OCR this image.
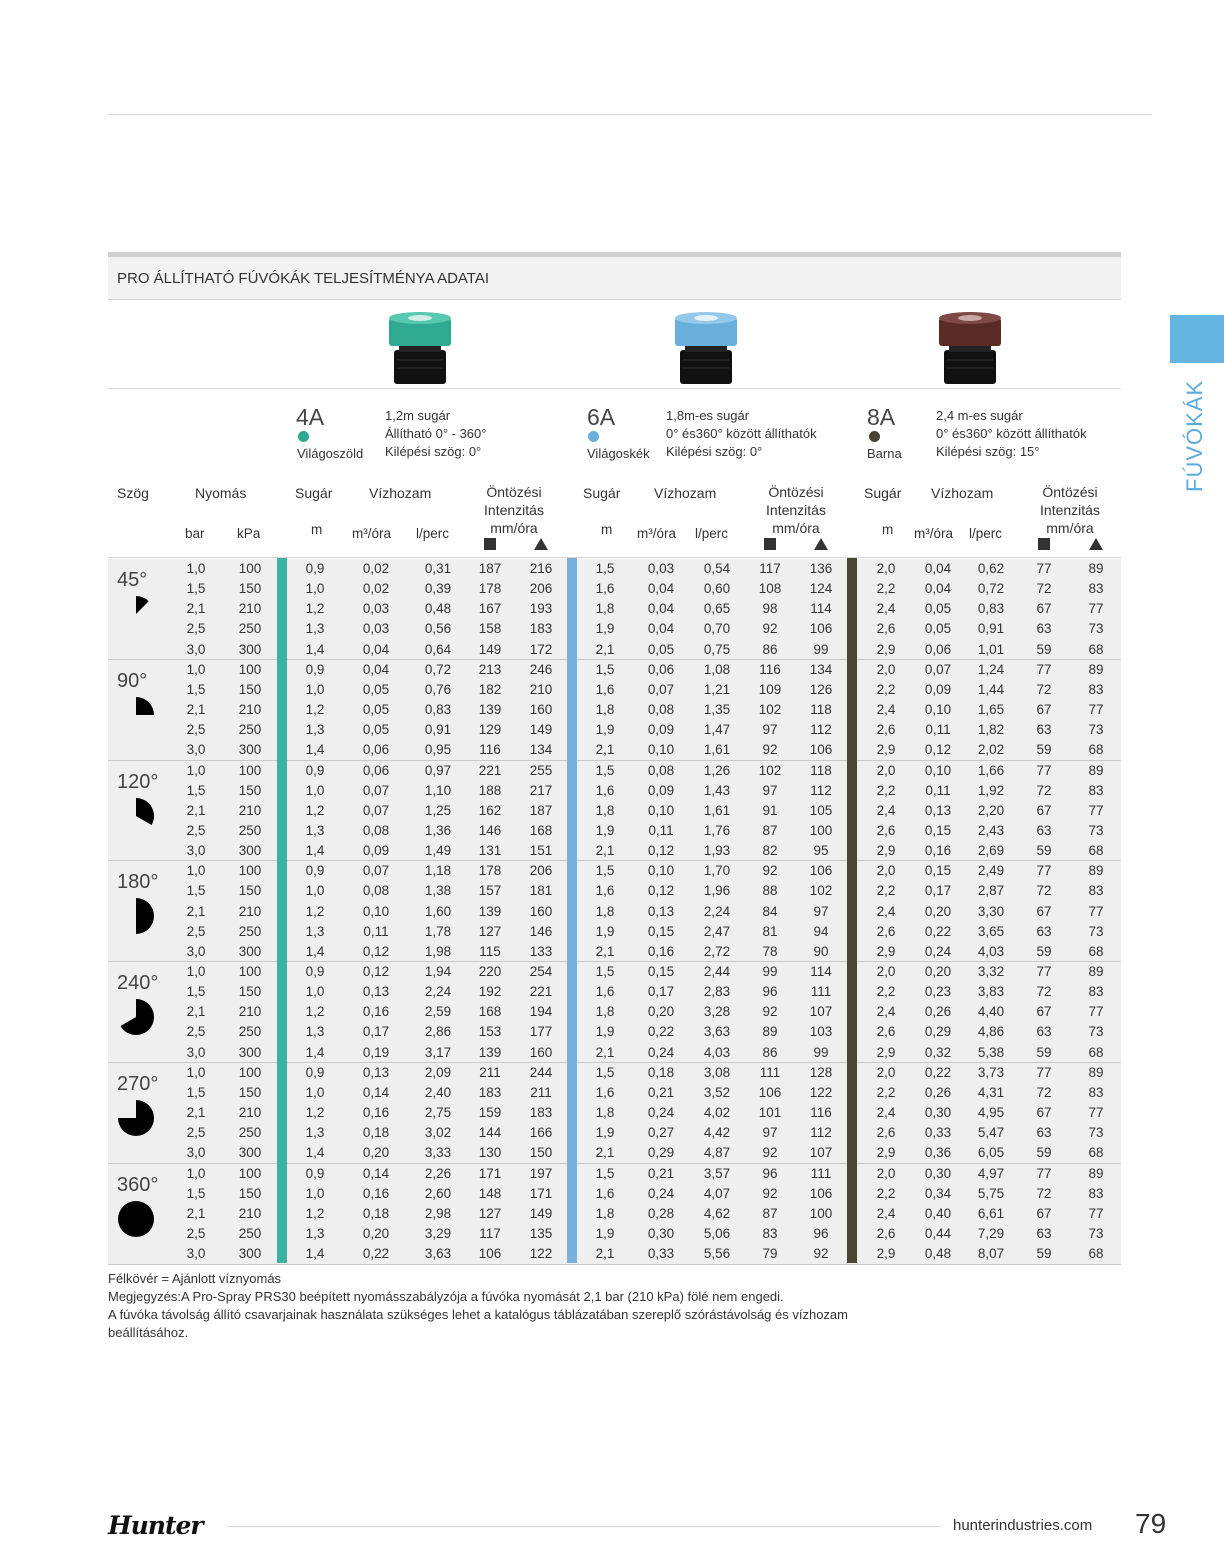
FÚVÓKÁK
PRO ÁLLÍTHATÓ FÚVÓKÁK TELJESÍTMÉNYA ADATAI
4A
Világoszöld
1,2m sugár
Állítható 0° - 360°
Kilépési szög: 0°
6A
Világoskék
1,8m-es sugár
0° és360° között állíthatók
Kilépési szög: 0°
8A
Barna
2,4 m-es sugár
0° és360° között állíthatók
Kilépési szög: 15°
Szög	Nyomás
bar kPa
Sugár	Vízhozam	Öntözési
Intenzitás
mm/óra
m m³/óra l/perc
Sugár Vízhozam	Öntözési
Intenzitás
mm/óra
m m³/óra l/perc
Sugár Vízhozam	Öntözési
Intenzitás
mm/óra
m m³/óra l/perc
45°
1,0	100	0,9	0,02	0,31	187	216	1,5	0,03	0,54	117	136	2,0	0,04	0,62	77	89
1,5	150	1,0	0,02	0,39	178	206	1,6	0,04	0,60	108	124	2,2	0,04	0,72	72	83
2,1	210	1,2	0,03	0,48	167	193	1,8	0,04	0,65	98	114	2,4	0,05	0,83	67	77
2,5	250	1,3	0,03	0,56	158	183	1,9	0,04	0,70	92	106	2,6	0,05	0,91	63	73
3,0	300	1,4	0,04	0,64	149	172	2,1	0,05	0,75	86	99	2,9	0,06	1,01	59	68
90°
1,0	100	0,9	0,04	0,72	213	246	1,5	0,06	1,08	116	134	2,0	0,07	1,24	77	89
1,5	150	1,0	0,05	0,76	182	210	1,6	0,07	1,21	109	126	2,2	0,09	1,44	72	83
2,1	210	1,2	0,05	0,83	139	160	1,8	0,08	1,35	102	118	2,4	0,10	1,65	67	77
2,5	250	1,3	0,05	0,91	129	149	1,9	0,09	1,47	97	112	2,6	0,11	1,82	63	73
3,0	300	1,4	0,06	0,95	116	134	2,1	0,10	1,61	92	106	2,9	0,12	2,02	59	68
120°
1,0	100	0,9	0,06	0,97	221	255	1,5	0,08	1,26	102	118	2,0	0,10	1,66	77	89
1,5	150	1,0	0,07	1,10	188	217	1,6	0,09	1,43	97	112	2,2	0,11	1,92	72	83
2,1	210	1,2	0,07	1,25	162	187	1,8	0,10	1,61	91	105	2,4	0,13	2,20	67	77
2,5	250	1,3	0,08	1,36	146	168	1,9	0,11	1,76	87	100	2,6	0,15	2,43	63	73
3,0	300	1,4	0,09	1,49	131	151	2,1	0,12	1,93	82	95	2,9	0,16	2,69	59	68
180°
1,0	100	0,9	0,07	1,18	178	206	1,5	0,10	1,70	92	106	2,0	0,15	2,49	77	89
1,5	150	1,0	0,08	1,38	157	181	1,6	0,12	1,96	88	102	2,2	0,17	2,87	72	83
2,1	210	1,2	0,10	1,60	139	160	1,8	0,13	2,24	84	97	2,4	0,20	3,30	67	77
2,5	250	1,3	0,11	1,78	127	146	1,9	0,15	2,47	81	94	2,6	0,22	3,65	63	73
3,0	300	1,4	0,12	1,98	115	133	2,1	0,16	2,72	78	90	2,9	0,24	4,03	59	68
240°
1,0	100	0,9	0,12	1,94	220	254	1,5	0,15	2,44	99	114	2,0	0,20	3,32	77	89
1,5	150	1,0	0,13	2,24	192	221	1,6	0,17	2,83	96	111	2,2	0,23	3,83	72	83
2,1	210	1,2	0,16	2,59	168	194	1,8	0,20	3,28	92	107	2,4	0,26	4,40	67	77
2,5	250	1,3	0,17	2,86	153	177	1,9	0,22	3,63	89	103	2,6	0,29	4,86	63	73
3,0	300	1,4	0,19	3,17	139	160	2,1	0,24	4,03	86	99	2,9	0,32	5,38	59	68
270°
1,0	100	0,9	0,13	2,09	211	244	1,5	0,18	3,08	111	128	2,0	0,22	3,73	77	89
1,5	150	1,0	0,14	2,40	183	211	1,6	0,21	3,52	106	122	2,2	0,26	4,31	72	83
2,1	210	1,2	0,16	2,75	159	183	1,8	0,24	4,02	101	116	2,4	0,30	4,95	67	77
2,5	250	1,3	0,18	3,02	144	166	1,9	0,27	4,42	97	112	2,6	0,33	5,47	63	73
3,0	300	1,4	0,20	3,33	130	150	2,1	0,29	4,87	92	107	2,9	0,36	6,05	59	68
360°
1,0	100	0,9	0,14	2,26	171	197	1,5	0,21	3,57	96	111	2,0	0,30	4,97	77	89
1,5	150	1,0	0,16	2,60	148	171	1,6	0,24	4,07	92	106	2,2	0,34	5,75	72	83
2,1	210	1,2	0,18	2,98	127	149	1,8	0,28	4,62	87	100	2,4	0,40	6,61	67	77
2,5	250	1,3	0,20	3,29	117	135	1,9	0,30	5,06	83	96	2,6	0,44	7,29	63	73
3,0	300	1,4	0,22	3,63	106	122	2,1	0,33	5,56	79	92	2,9	0,48	8,07	59	68
Félkövér = Ajánlott víznyomás
Megjegyzés:A Pro-Spray PRS30 beépített nyomásszabályzója a fúvóka nyomását 2,1 bar (210 kPa) fölé nem engedi.
A fúvóka távolság állító csavarjainak használata szükséges lehet a katalógus táblázatában szereplő szórástávolság és vízhozam
beállításához.
Hunter	hunterindustries.com 79
